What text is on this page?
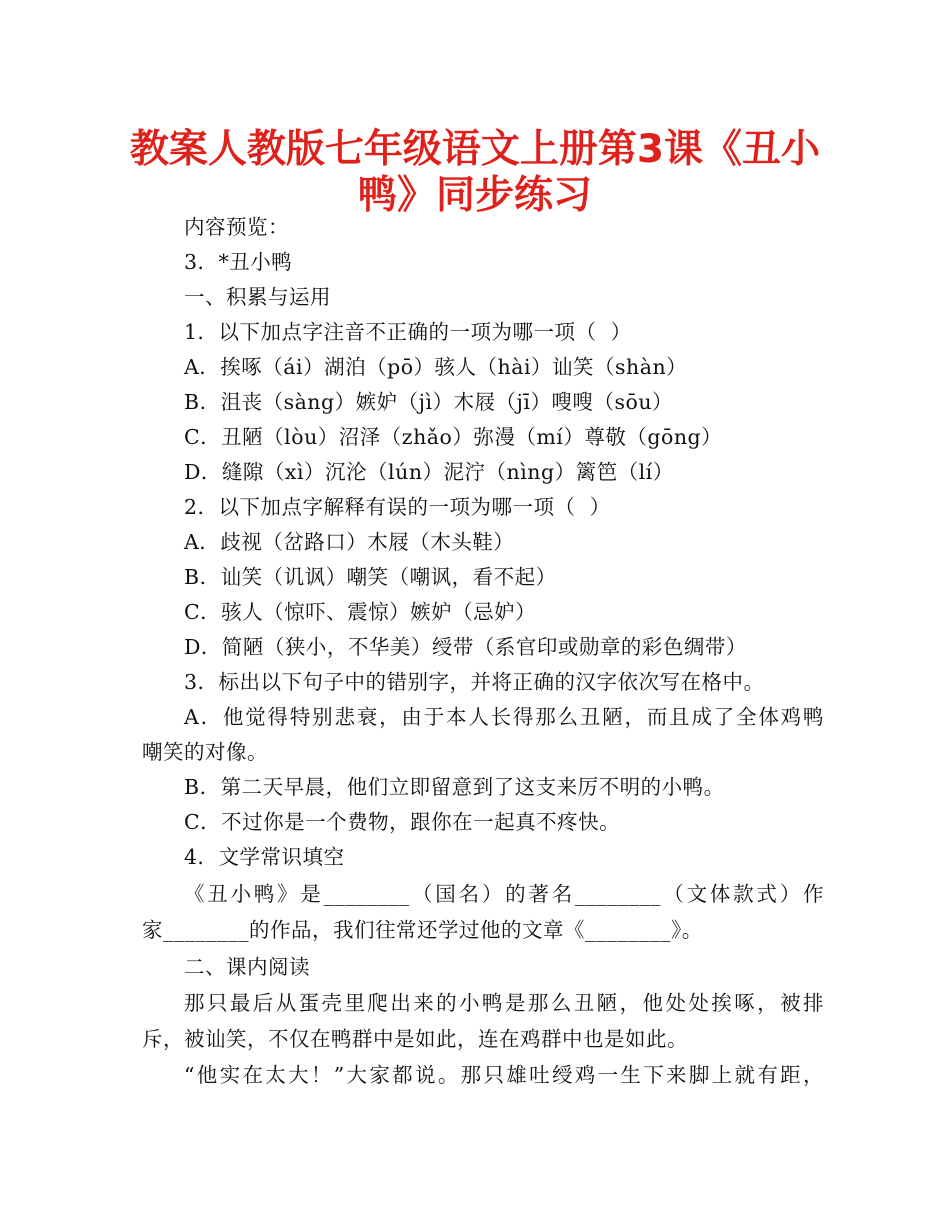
教案人教版七年级语文上册第3课《丑小
鸭》同步练习
内容预览：
3．*丑小鸭
一、积累与运用
1．以下加点字注音不正确的一项为哪一项（  ）
A．挨啄（ái）湖泊（pō）骇人（hài）讪笑（shàn）
B．沮丧（sàng）嫉妒（jì）木屐（jī）嗖嗖（sōu）
C．丑陋（lòu）沼泽（zhǎo）弥漫（mí）尊敬（gōng）
D．缝隙（xì）沉沦（lún）泥泞（nìng）篱笆（lí）
2．以下加点字解释有误的一项为哪一项（  ）
A．歧视（岔路口）木屐（木头鞋）
B．讪笑（讥讽）嘲笑（嘲讽，看不起）
C．骇人（惊吓、震惊）嫉妒（忌妒）
D．简陋（狭小，不华美）绶带（系官印或勋章的彩色绸带）
3．标出以下句子中的错别字，并将正确的汉字依次写在格中。
A．他觉得特别悲衰，由于本人长得那么丑陋，而且成了全体鸡鸭
嘲笑的对像。
B．第二天早晨，他们立即留意到了这支来厉不明的小鸭。
C．不过你是一个费物，跟你在一起真不疼快。
4．文学常识填空
《丑小鸭》是________（国名）的著名________（文体款式）作
家________的作品，我们往常还学过他的文章《________》。
二、课内阅读
那只最后从蛋壳里爬出来的小鸭是那么丑陋，他处处挨啄，被排
斥，被讪笑，不仅在鸭群中是如此，连在鸡群中也是如此。
“他实在太大！”大家都说。那只雄吐绶鸡一生下来脚上就有距，
